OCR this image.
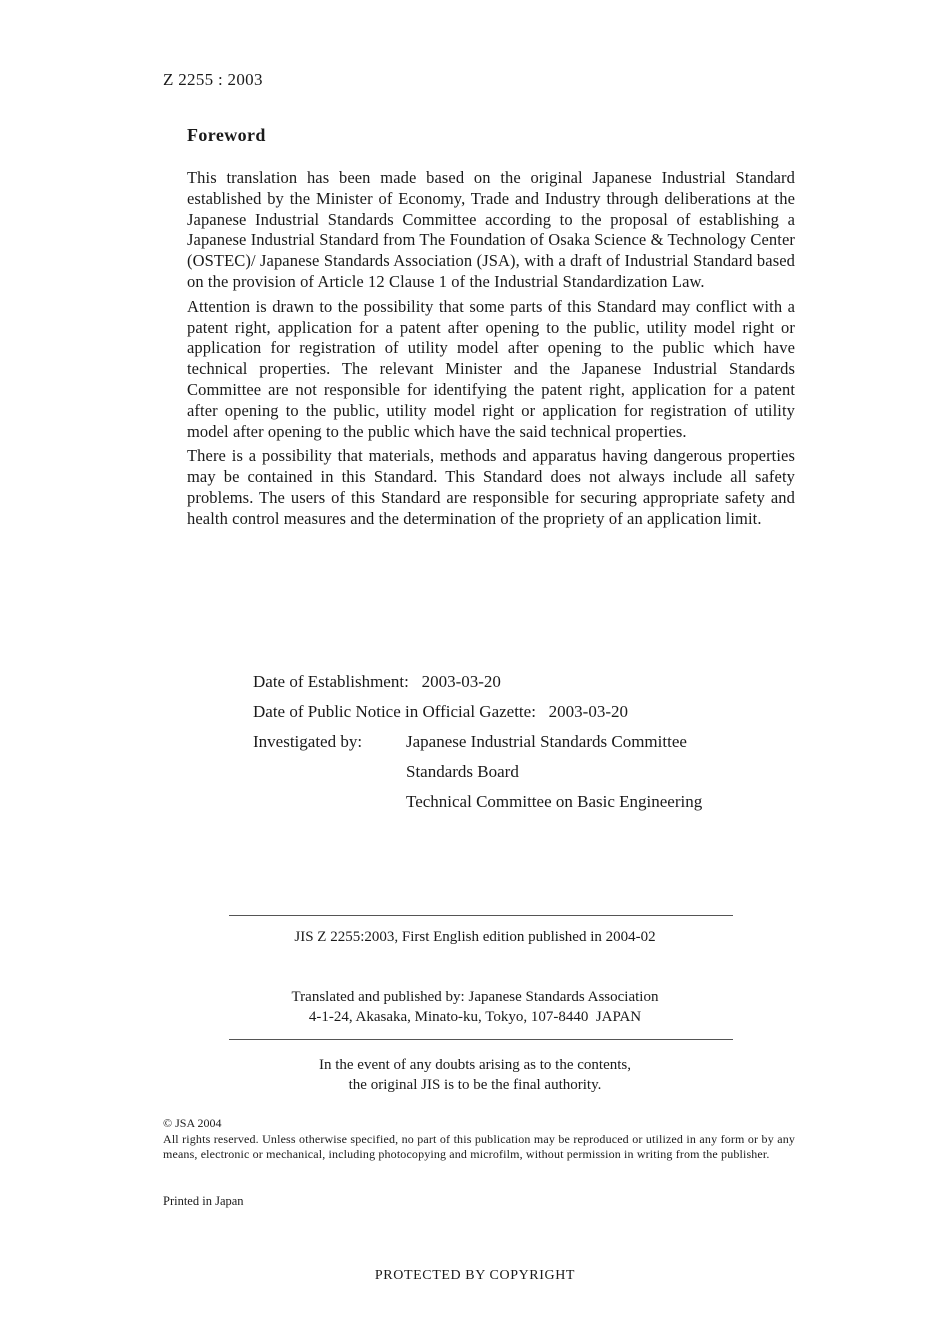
Z 2255 : 2003
Foreword

This translation has been made based on the original Japanese Industrial Standard established by the Minister of Economy, Trade and Industry through deliberations at the Japanese Industrial Standards Committee according to the proposal of establishing a Japanese Industrial Standard from The Foundation of Osaka Science & Technology Center (OSTEC)/ Japanese Standards Association (JSA), with a draft of Industrial Standard based on the provision of Article 12 Clause 1 of the Industrial Standardization Law.

Attention is drawn to the possibility that some parts of this Standard may conflict with a patent right, application for a patent after opening to the public, utility model right or application for registration of utility model after opening to the public which have technical properties. The relevant Minister and the Japanese Industrial Standards Committee are not responsible for identifying the patent right, application for a patent after opening to the public, utility model right or application for registration of utility model after opening to the public which have the said technical properties.

There is a possibility that materials, methods and apparatus having dangerous properties may be contained in this Standard. This Standard does not always include all safety problems. The users of this Standard are responsible for securing appropriate safety and health control measures and the determination of the propriety of an application limit.

Date of Establishment:   2003-03-20
Date of Public Notice in Official Gazette:   2003-03-20
Investigated by: Japanese Industrial Standards Committee
Standards Board
Technical Committee on Basic Engineering
JIS Z 2255:2003, First English edition published in 2004-02
Translated and published by: Japanese Standards Association
4-1-24, Akasaka, Minato-ku, Tokyo, 107-8440  JAPAN
In the event of any doubts arising as to the contents,
the original JIS is to be the final authority.
© JSA 2004
All rights reserved. Unless otherwise specified, no part of this publication may be reproduced or utilized in any form or by any means, electronic or mechanical, including photocopying and microfilm, without permission in writing from the publisher.
Printed in Japan
PROTECTED BY COPYRIGHT
